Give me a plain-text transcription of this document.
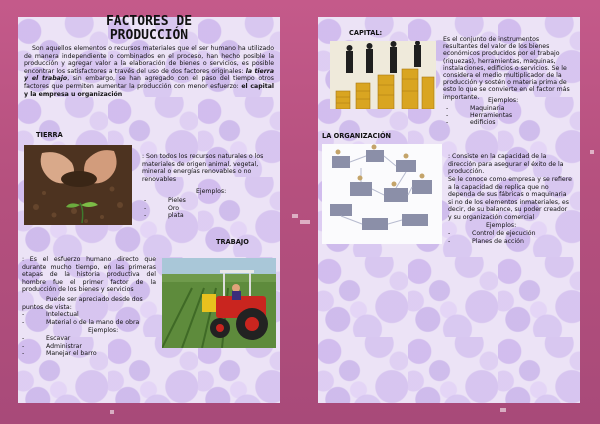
FACTORES DE
PRODUCCIÓN
Son aquellos elementos o recursos materiales que el ser humano ha utilizado de manera independiente o combinados en el proceso, han hecho posible la producción y agregar valor a la elaboración de bienes o servicios, es posible encontrar los satisfactores a través del uso de dos factores originales: la tierra y el trabajo, sin embargo, se han agregado con el paso del tiempo otros factores que permiten aumentar la producción con menor esfuerzo: el capital y la empresa u organización
TIERRA
: Son todos los recursos naturales o los materiales de origen animal, vegetal, mineral o energías renovables o no renovables
Ejemplos:
-	Pieles
-	Oro
-	plata
TRABAJO
: Es el esfuerzo humano directo que durante mucho tiempo, en las primeras etapas de la historia productiva del hombre fue el primer factor de la producción de los bienes y servicios
Puede ser apreciado desde dos puntos de vista:
-	Intelectual
-	Material o de la mano de obra
Ejemplos:
-	Escavar
-	Administrar
-	Manejar el barro
CAPITAL:
Es el conjunto de instrumentos resultantes del valor de los bienes económicos producidos por el trabajo (riquezas), herramientas, maquinas, instalaciones, edificios o servicios. Se le considera el medio multiplicador de la producción y sostén o materia prima de esto lo que se convierte en el factor más importante.	Ejemplos:
-	Maquinaria
-	Herramientas
-	edificios
LA ORGANIZACIÓN
: Consiste en la capacidad de la dirección para asegurar el éxito de la producción.
Se le conoce como empresa y se refiere a la capacidad de replica que no dependa de sus fábricas o maquinaria si no de los elementos inmateriales, es decir, de su balance, su poder creador y su organización comercial
Ejemplos:
-	Control de ejecución
-	Planes de acción
